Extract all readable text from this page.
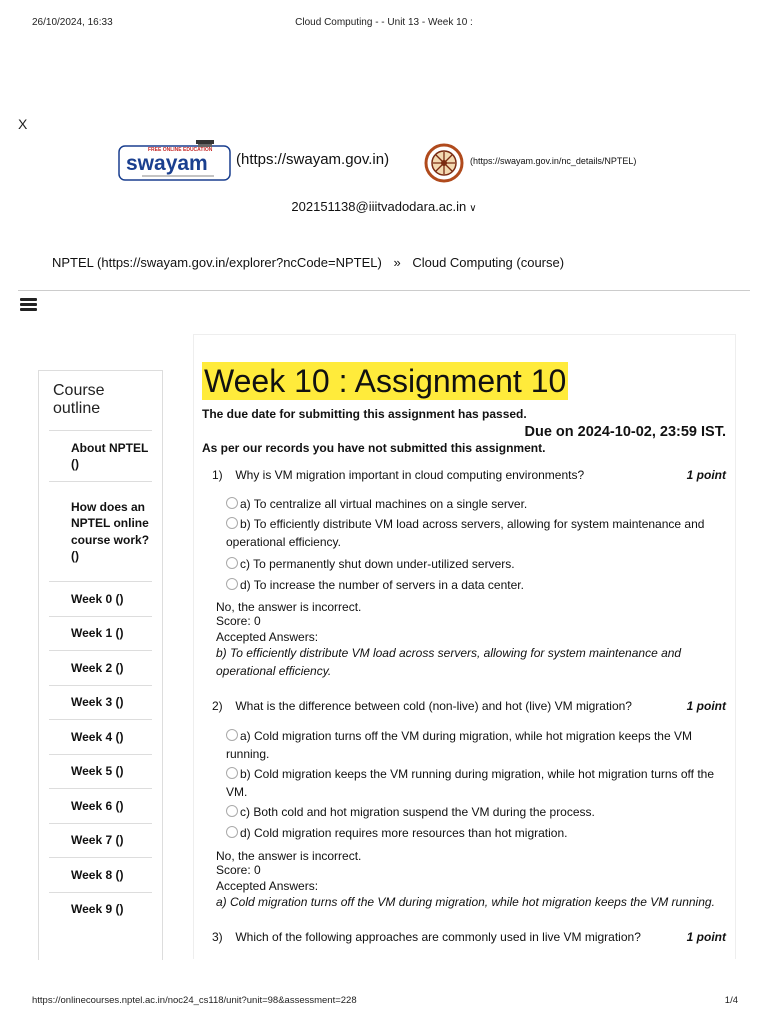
26/10/2024, 16:33	Cloud Computing - - Unit 13 - Week 10 :
X
FREE ONLINE EDUCATION
swayam (https://swayam.gov.in)	(https://swayam.gov.in/nc_details/NPTEL)
202151138@iiitvadodara.ac.in ∨
NPTEL (https://swayam.gov.in/explorer?ncCode=NPTEL) » Cloud Computing (course)
Course outline
About NPTEL ()
How does an NPTEL online course work? ()
Week 0 ()
Week 1 ()
Week 2 ()
Week 3 ()
Week 4 ()
Week 5 ()
Week 6 ()
Week 7 ()
Week 8 ()
Week 9 ()
Week 10 : Assignment 10
The due date for submitting this assignment has passed.
Due on 2024-10-02, 23:59 IST.
As per our records you have not submitted this assignment.
1) Why is VM migration important in cloud computing environments?	1 point
a) To centralize all virtual machines on a single server.
b) To efficiently distribute VM load across servers, allowing for system maintenance and operational efficiency.
c) To permanently shut down under-utilized servers.
d) To increase the number of servers in a data center.
No, the answer is incorrect.
Score: 0
Accepted Answers:
b) To efficiently distribute VM load across servers, allowing for system maintenance and operational efficiency.
2) What is the difference between cold (non-live) and hot (live) VM migration?	1 point
a) Cold migration turns off the VM during migration, while hot migration keeps the VM running.
b) Cold migration keeps the VM running during migration, while hot migration turns off the VM.
c) Both cold and hot migration suspend the VM during the process.
d) Cold migration requires more resources than hot migration.
No, the answer is incorrect.
Score: 0
Accepted Answers:
a) Cold migration turns off the VM during migration, while hot migration keeps the VM running.
3) Which of the following approaches are commonly used in live VM migration?	1 point
https://onlinecourses.nptel.ac.in/noc24_cs118/unit?unit=98&assessment=228	1/4
